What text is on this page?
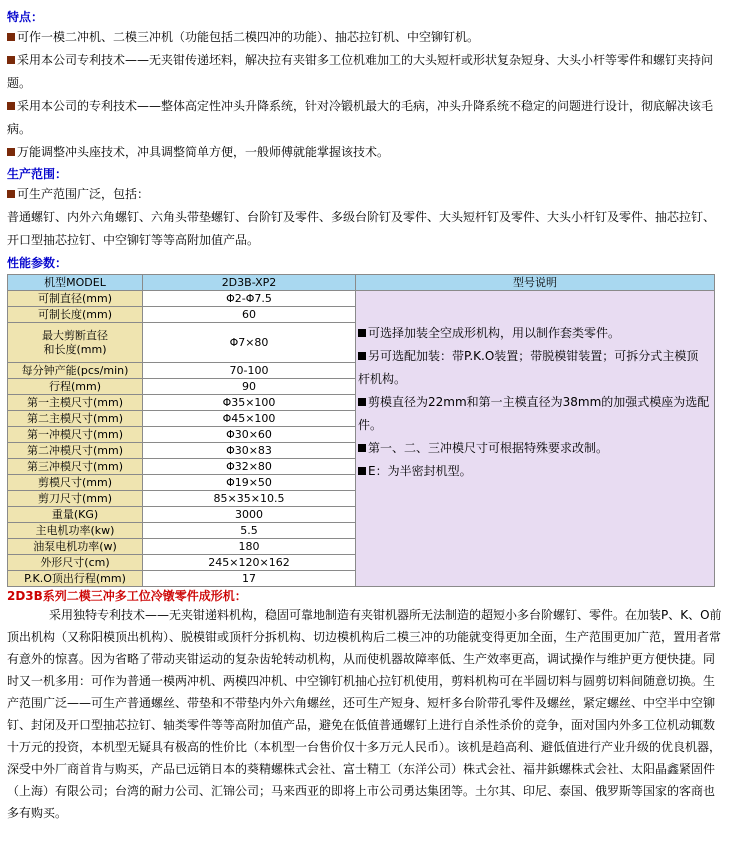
特点：

可作一模二冲机、二模三冲机（功能包括二模四冲的功能）、抽芯拉钉机、中空铆钉机。

采用本公司专利技术——无夹钳传递坯料，解决拉有夹钳多工位机难加工的大头短杆或形状复杂短身、大头小杆等零件和螺钉夹持问题。

采用本公司的专利技术——整体高定性冲头升降系统，针对冷锻机最大的毛病，冲头升降系统不稳定的问题进行设计，彻底解决该毛病。

万能调整冲头座技术，冲具调整简单方便，一般师傅就能掌握该技术。

生产范围：

可生产范围广泛，包括：

普通螺钉、内外六角螺钉、六角头带垫螺钉、台阶钉及零件、多级台阶钉及零件、大头短杆钉及零件、大头小杆钉及零件、抽芯拉钉、开口型抽芯拉钉、中空铆钉等等高附加值产品。

性能参数：

机型MODEL	2D3B-XP2	型号说明
可制直径(mm)	Φ2-Φ7.5	可选择加装全空成形机构，用以制作套类零件。
另可选配加装：带P.K.O装置；带脱模钳装置；可拆分式主模顶杆机构。
剪模直径为22mm和第一主模直径为38mm的加强式模座为选配件。
第一、二、三冲模尺寸可根据特殊要求改制。
E：为半密封机型。

可制长度(mm)	60	
最大剪断直径
和长度(mm)	Φ7×80	
每分钟产能(pcs/min)	70-100	
行程(mm)	90	
第一主模尺寸(mm)	Φ35×100	
第二主模尺寸(mm)	Φ45×100	
第一冲模尺寸(mm)	Φ30×60	
第二冲模尺寸(mm)	Φ30×83	
第三冲模尺寸(mm)	Φ32×80	
剪模尺寸(mm)	Φ19×50	
剪刀尺寸(mm)	85×35×10.5	
重量(KG)	3000	
主电机功率(kw)	5.5	
油泵电机功率(w)	180	
外形尺寸(cm)	245×120×162	
P.K.O顶出行程(mm)	17	

2D3B系列二模三冲多工位冷镦零件成形机：

采用独特专利技术——无夹钳递料机构，稳固可靠地制造有夹钳机器所无法制造的超短小多台阶螺钉、零件。在加装P、K、O前顶出机构（又称阳模顶出机构）、脱模钳或顶杆分拆机构、切边模机构后二模三冲的功能就变得更加全面，生产范围更加广范，置用者常有意外的惊喜。因为省略了带动夹钳运动的复杂齿轮转动机构，从而使机器故障率低、生产效率更高，调试操作与维护更方便快捷。同时又一机多用：可作为普通一模两冲机、两模四冲机、中空铆钉机抽心拉钉机使用，剪料机构可在半圆切料与圆剪切料间随意切换。生产范围广泛——可生产普通螺丝、带垫和不带垫内外六角螺丝，还可生产短身、短杆多台阶带孔零件及螺丝，紧定螺丝、中空半中空铆钉、封闭及开口型抽芯拉钉、轴类零件等等高附加值产品，避免在低值普通螺钉上进行自杀性杀价的竞争，面对国内外多工位机动辄数十万元的投资，本机型无疑具有极高的性价比（本机型一台售价仅十多万元人民币）。该机是趋高利、避低值进行产业升级的优良机器，深受中外厂商首肯与购买，产品已远销日本的葵精螺株式会社、富士精工（东洋公司）株式会社、福井鋲螺株式会社、太阳晶鑫紧固件（上海）有限公司；台湾的耐力公司、汇锦公司；马来西亚的即将上市公司勇达集团等。土尔其、印尼、泰国、俄罗斯等国家的客商也多有购买。
